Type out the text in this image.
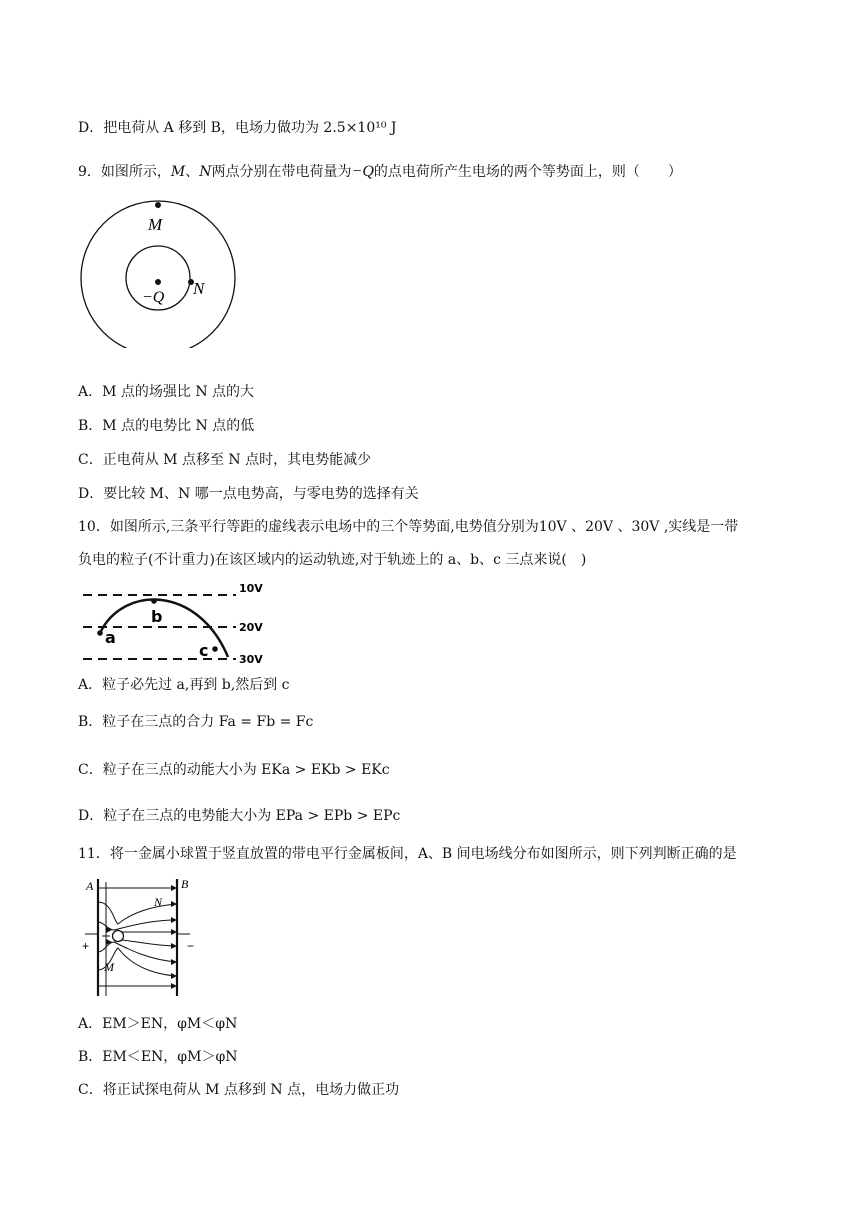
D．把电荷从 A 移到 B，电场力做功为 2.5×10¹⁰ J
9．如图所示，M、N两点分别在带电荷量为−Q的点电荷所产生电场的两个等势面上，则（　　）
M
N
−Q
A．M 点的场强比 N 点的大
B．M 点的电势比 N 点的低
C．正电荷从 M 点移至 N 点时，其电势能减少
D．要比较 M、N 哪一点电势高，与零电势的选择有关
10．如图所示,三条平行等距的虚线表示电场中的三个等势面,电势值分别为10V 、20V 、30V ,实线是一带
负电的粒子(不计重力)在该区域内的运动轨迹,对于轨迹上的 a、b、c 三点来说(　)
10V
20V
30V
a
b
c
A．粒子必先过 a,再到 b,然后到 c
B．粒子在三点的合力 Fa = Fb = Fc
C．粒子在三点的动能大小为 EKa > EKb > EKc
D．粒子在三点的电势能大小为 EPa > EPb > EPc
11．将一金属小球置于竖直放置的带电平行金属板间，A、B 间电场线分布如图所示，则下列判断正确的是
A	B
+	−
N
M
A．EM＞EN，φM＜φN
B．EM＜EN，φM＞φN
C．将正试探电荷从 M 点移到 N 点，电场力做正功
